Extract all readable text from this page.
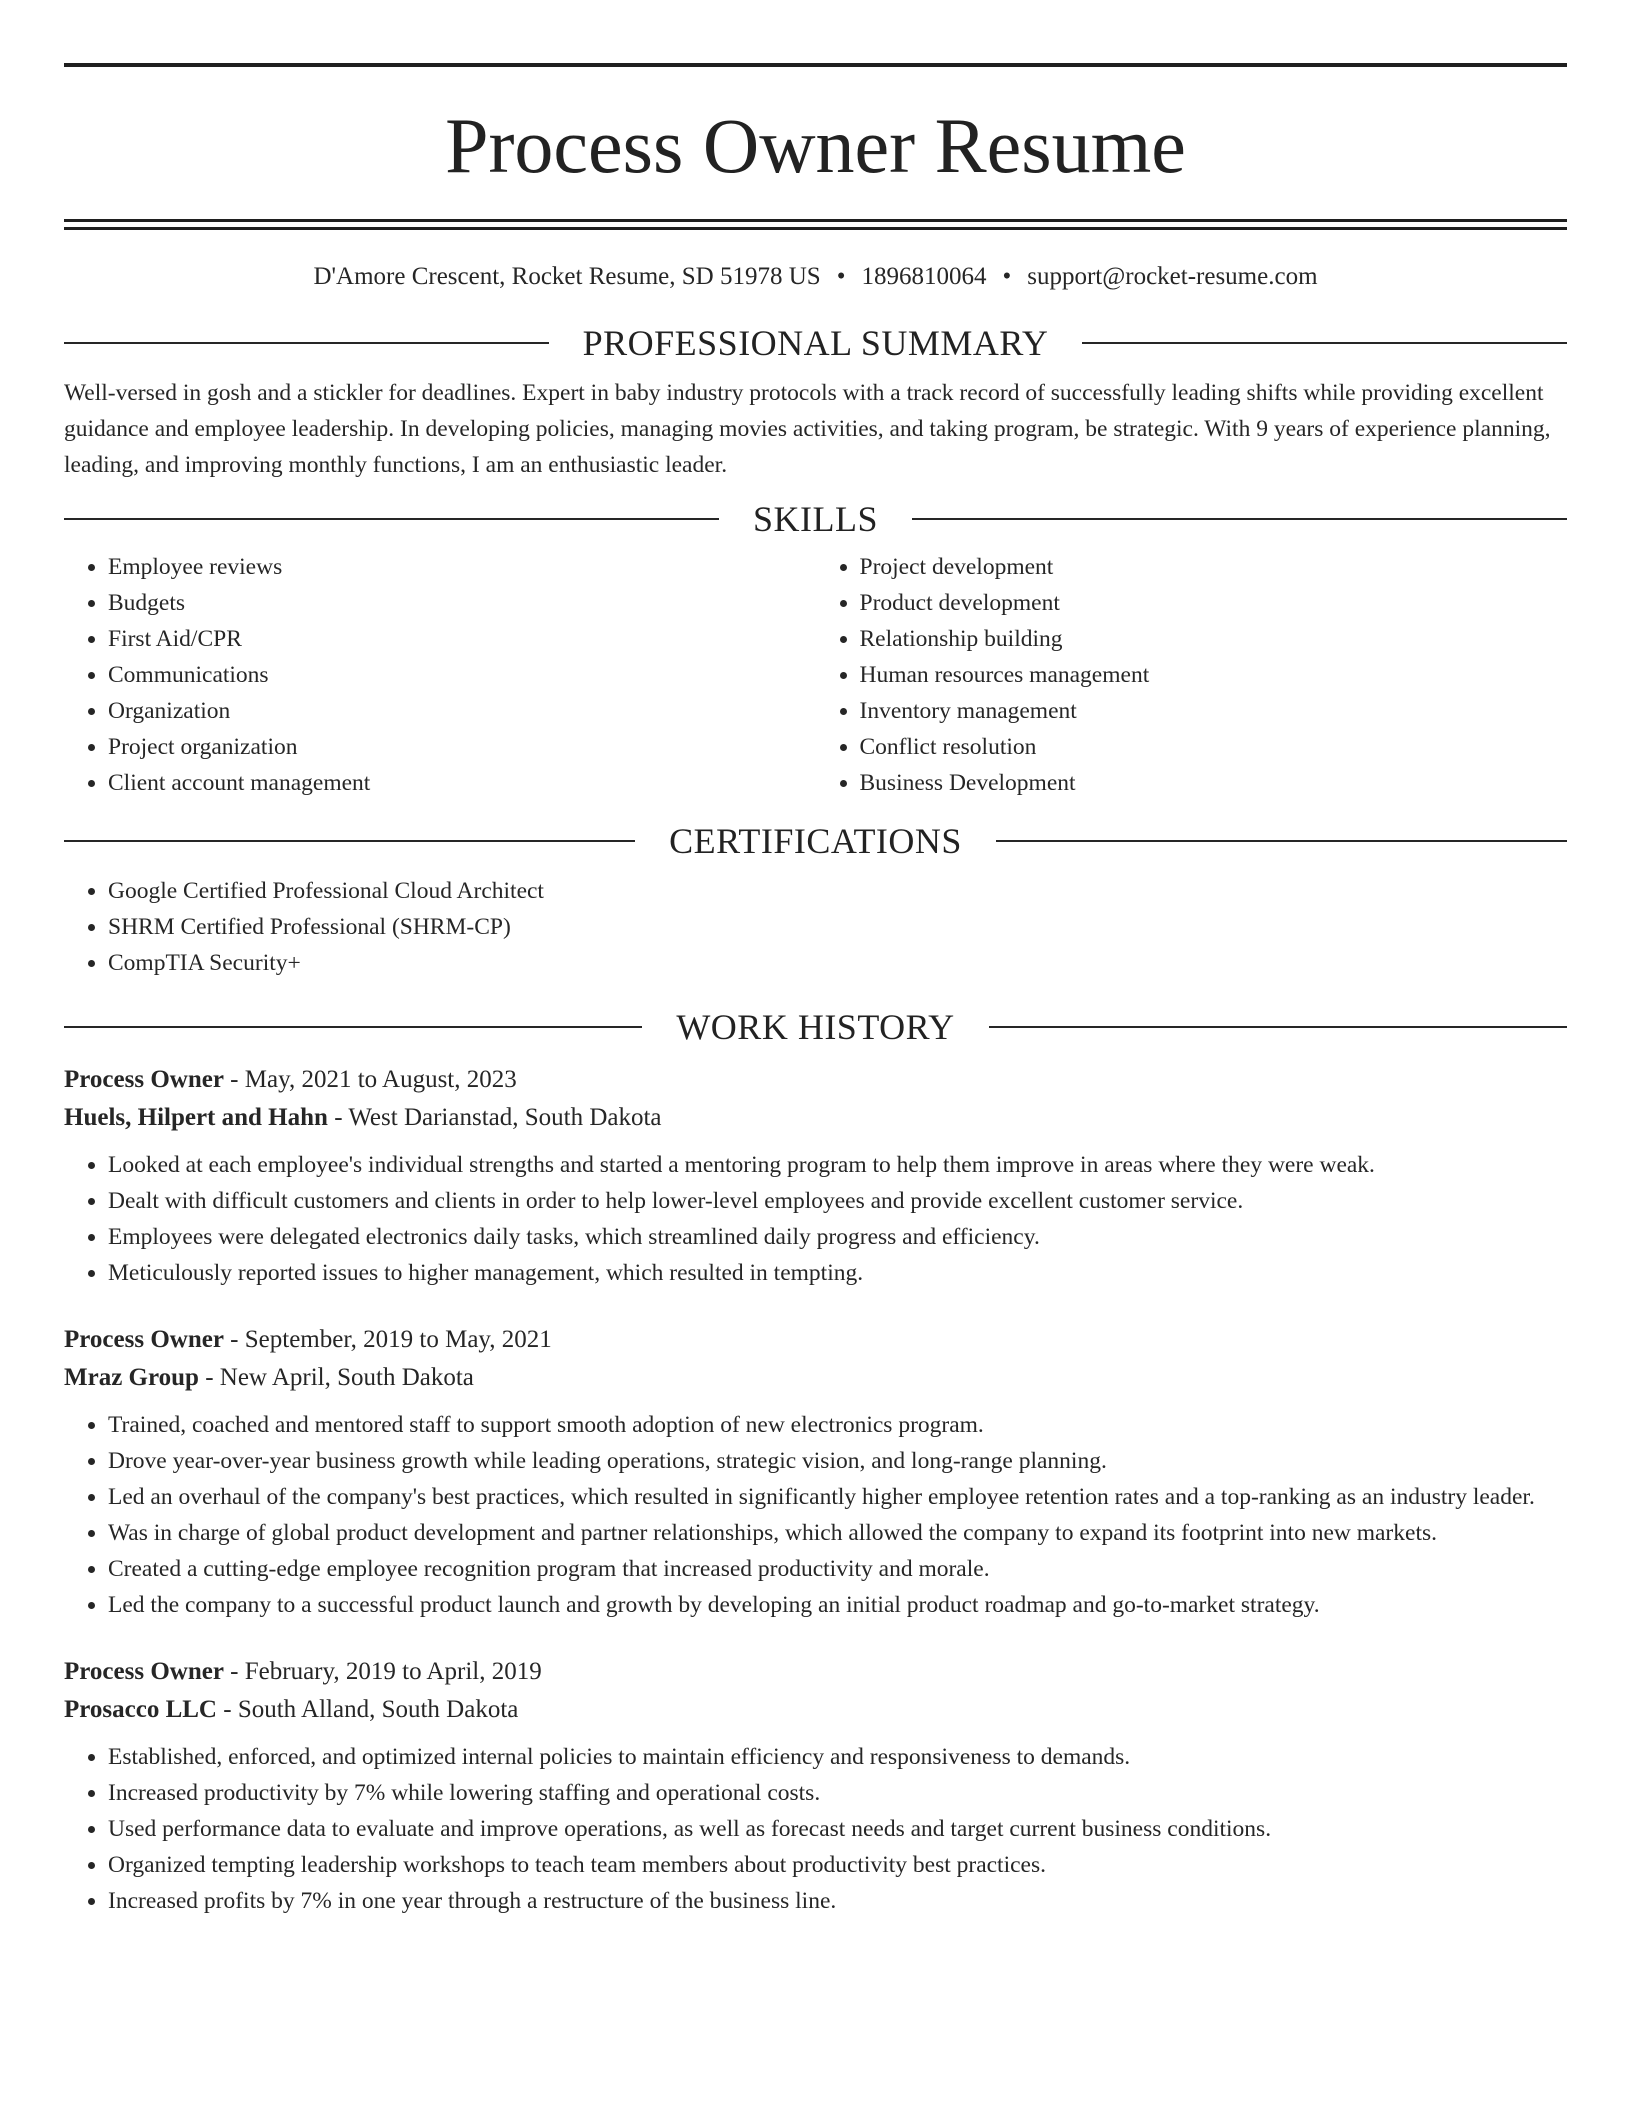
Process Owner Resume
D'Amore Crescent, Rocket Resume, SD 51978 US • 1896810064 • support@rocket-resume.com
PROFESSIONAL SUMMARY
Well-versed in gosh and a stickler for deadlines. Expert in baby industry protocols with a track record of successfully leading shifts while providing excellent guidance and employee leadership. In developing policies, managing movies activities, and taking program, be strategic. With 9 years of experience planning, leading, and improving monthly functions, I am an enthusiastic leader.
SKILLS
• Employee reviews
• Budgets
• First Aid/CPR
• Communications
• Organization
• Project organization
• Client account management
• Project development
• Product development
• Relationship building
• Human resources management
• Inventory management
• Conflict resolution
• Business Development
CERTIFICATIONS
• Google Certified Professional Cloud Architect
• SHRM Certified Professional (SHRM-CP)
• CompTIA Security+
WORK HISTORY
Process Owner - May, 2021 to August, 2023
Huels, Hilpert and Hahn - West Darianstad, South Dakota
• Looked at each employee's individual strengths and started a mentoring program to help them improve in areas where they were weak.
• Dealt with difficult customers and clients in order to help lower-level employees and provide excellent customer service.
• Employees were delegated electronics daily tasks, which streamlined daily progress and efficiency.
• Meticulously reported issues to higher management, which resulted in tempting.
Process Owner - September, 2019 to May, 2021
Mraz Group - New April, South Dakota
• Trained, coached and mentored staff to support smooth adoption of new electronics program.
• Drove year-over-year business growth while leading operations, strategic vision, and long-range planning.
• Led an overhaul of the company's best practices, which resulted in significantly higher employee retention rates and a top-ranking as an industry leader.
• Was in charge of global product development and partner relationships, which allowed the company to expand its footprint into new markets.
• Created a cutting-edge employee recognition program that increased productivity and morale.
• Led the company to a successful product launch and growth by developing an initial product roadmap and go-to-market strategy.
Process Owner - February, 2019 to April, 2019
Prosacco LLC - South Alland, South Dakota
• Established, enforced, and optimized internal policies to maintain efficiency and responsiveness to demands.
• Increased productivity by 7% while lowering staffing and operational costs.
• Used performance data to evaluate and improve operations, as well as forecast needs and target current business conditions.
• Organized tempting leadership workshops to teach team members about productivity best practices.
• Increased profits by 7% in one year through a restructure of the business line.
